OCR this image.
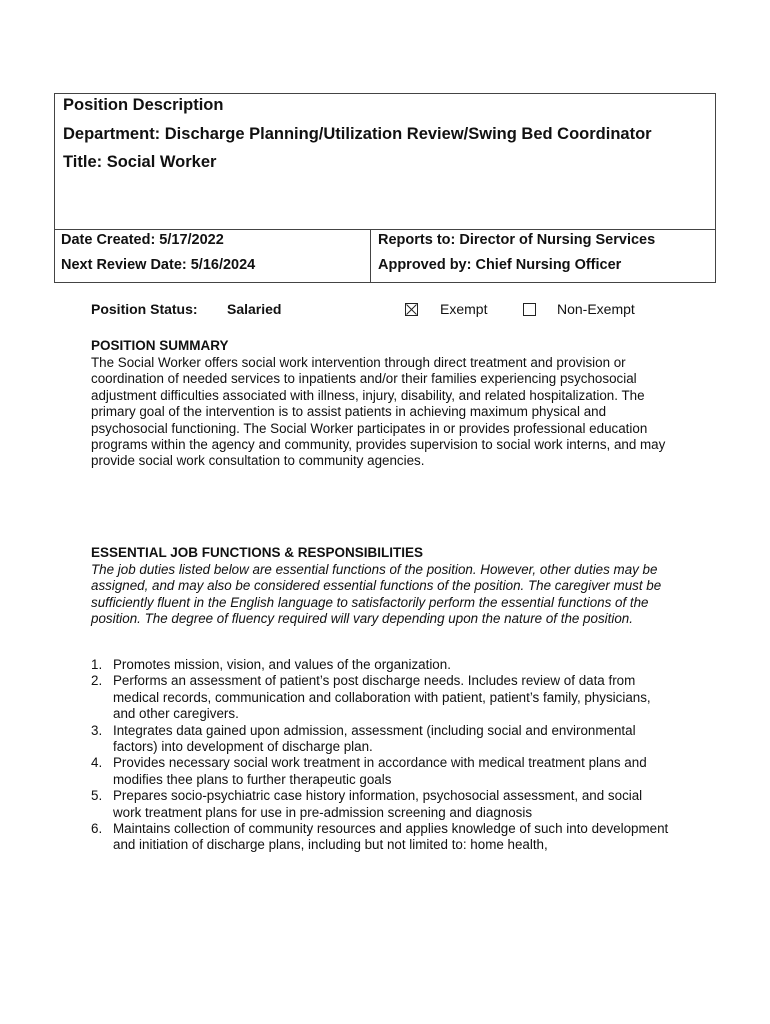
Position Description
Department: Discharge Planning/Utilization Review/Swing Bed Coordinator
Title: Social Worker
Date Created: 5/17/2022
Next Review Date: 5/16/2024
Reports to: Director of Nursing Services
Approved by: Chief Nursing Officer
Position Status: Salaried	Exempt	Non-Exempt
POSITION SUMMARY

The Social Worker offers social work intervention through direct treatment and provision or coordination of needed services to inpatients and/or their families experiencing psychosocial adjustment difficulties associated with illness, injury, disability, and related hospitalization. The primary goal of the intervention is to assist patients in achieving maximum physical and psychosocial functioning. The Social Worker participates in or provides professional education programs within the agency and community, provides supervision to social work interns, and may provide social work consultation to community agencies.

ESSENTIAL JOB FUNCTIONS & RESPONSIBILITIES

The job duties listed below are essential functions of the position. However, other duties may be assigned, and may also be considered essential functions of the position. The caregiver must be sufficiently fluent in the English language to satisfactorily perform the essential functions of the position. The degree of fluency required will vary depending upon the nature of the position.

1. Promotes mission, vision, and values of the organization.
2. Performs an assessment of patient’s post discharge needs. Includes review of data from medical records, communication and collaboration with patient, patient’s family, physicians, and other caregivers.
3. Integrates data gained upon admission, assessment (including social and environmental factors) into development of discharge plan.
4. Provides necessary social work treatment in accordance with medical treatment plans and modifies thee plans to further therapeutic goals
5. Prepares socio-psychiatric case history information, psychosocial assessment, and social work treatment plans for use in pre-admission screening and diagnosis
6. Maintains collection of community resources and applies knowledge of such into development and initiation of discharge plans, including but not limited to: home health,
